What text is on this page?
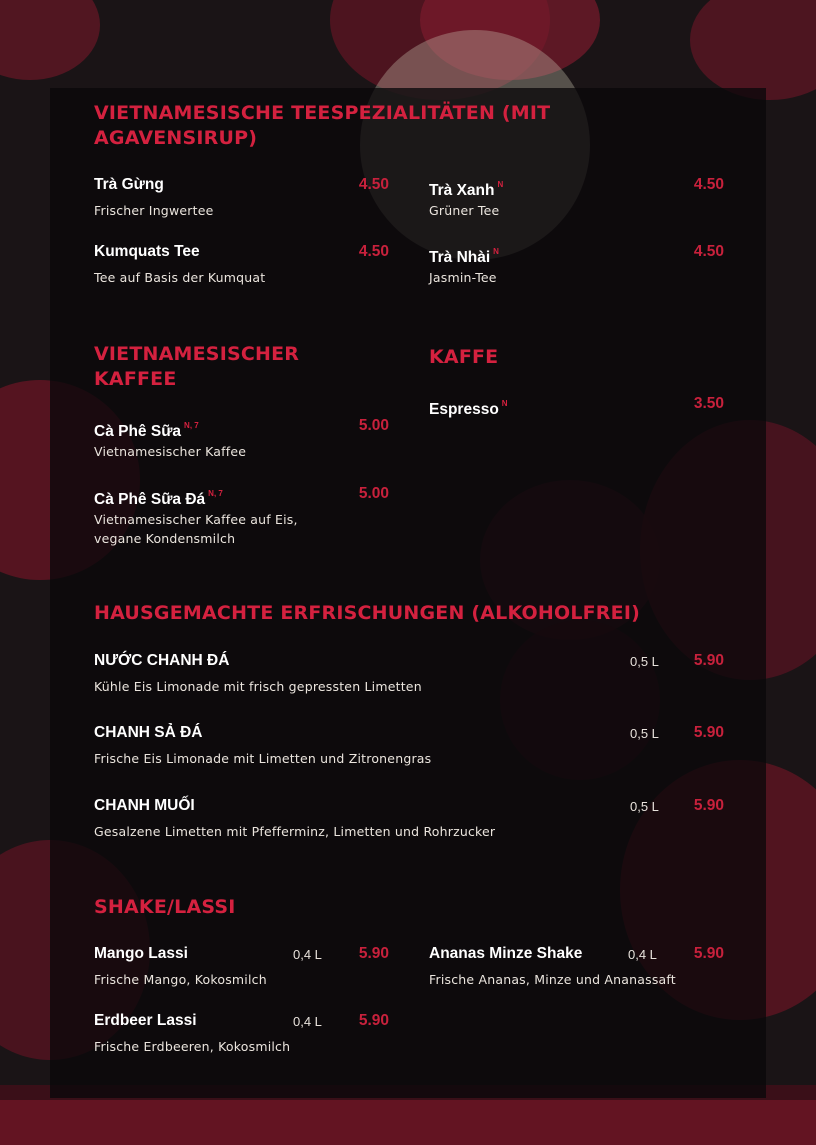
VIETNAMESISCHE TEESPEZIALITÄTEN (MIT AGAVENSIRUP)
Trà Gừng	4.50
Frischer Ingwertee
Trà Xanh $^N$	4.50
Grüner Tee
Kumquats Tee	4.50
Tee auf Basis der Kumquat
Trà Nhài $^N$	4.50
Jasmin-Tee
VIETNAMESISCHER KAFFEE
Cà Phê Sữa $^{N, 7}$	5.00
Vietnamesischer Kaffee
Cà Phê Sữa Đá $^{N, 7}$	5.00
Vietnamesischer Kaffee auf Eis, vegane Kondensmilch
KAFFE
Espresso $^N$	3.50
HAUSGEMACHTE ERFRISCHUNGEN (ALKOHOLFREI)
NƯỚC CHANH ĐÁ	0,5 L 5.90
Kühle Eis Limonade mit frisch gepressten Limetten
CHANH SẢ ĐÁ	0,5 L 5.90
Frische Eis Limonade mit Limetten und Zitronengras
CHANH MUỐI	0,5 L 5.90
Gesalzene Limetten mit Pfefferminz, Limetten und Rohrzucker
SHAKE/LASSI
Mango Lassi	0,4 L 5.90
Frische Mango, Kokosmilch
Ananas Minze Shake	0,4 L 5.90
Frische Ananas, Minze und Ananassaft
Erdbeer Lassi	0,4 L 5.90
Frische Erdbeeren, Kokosmilch
